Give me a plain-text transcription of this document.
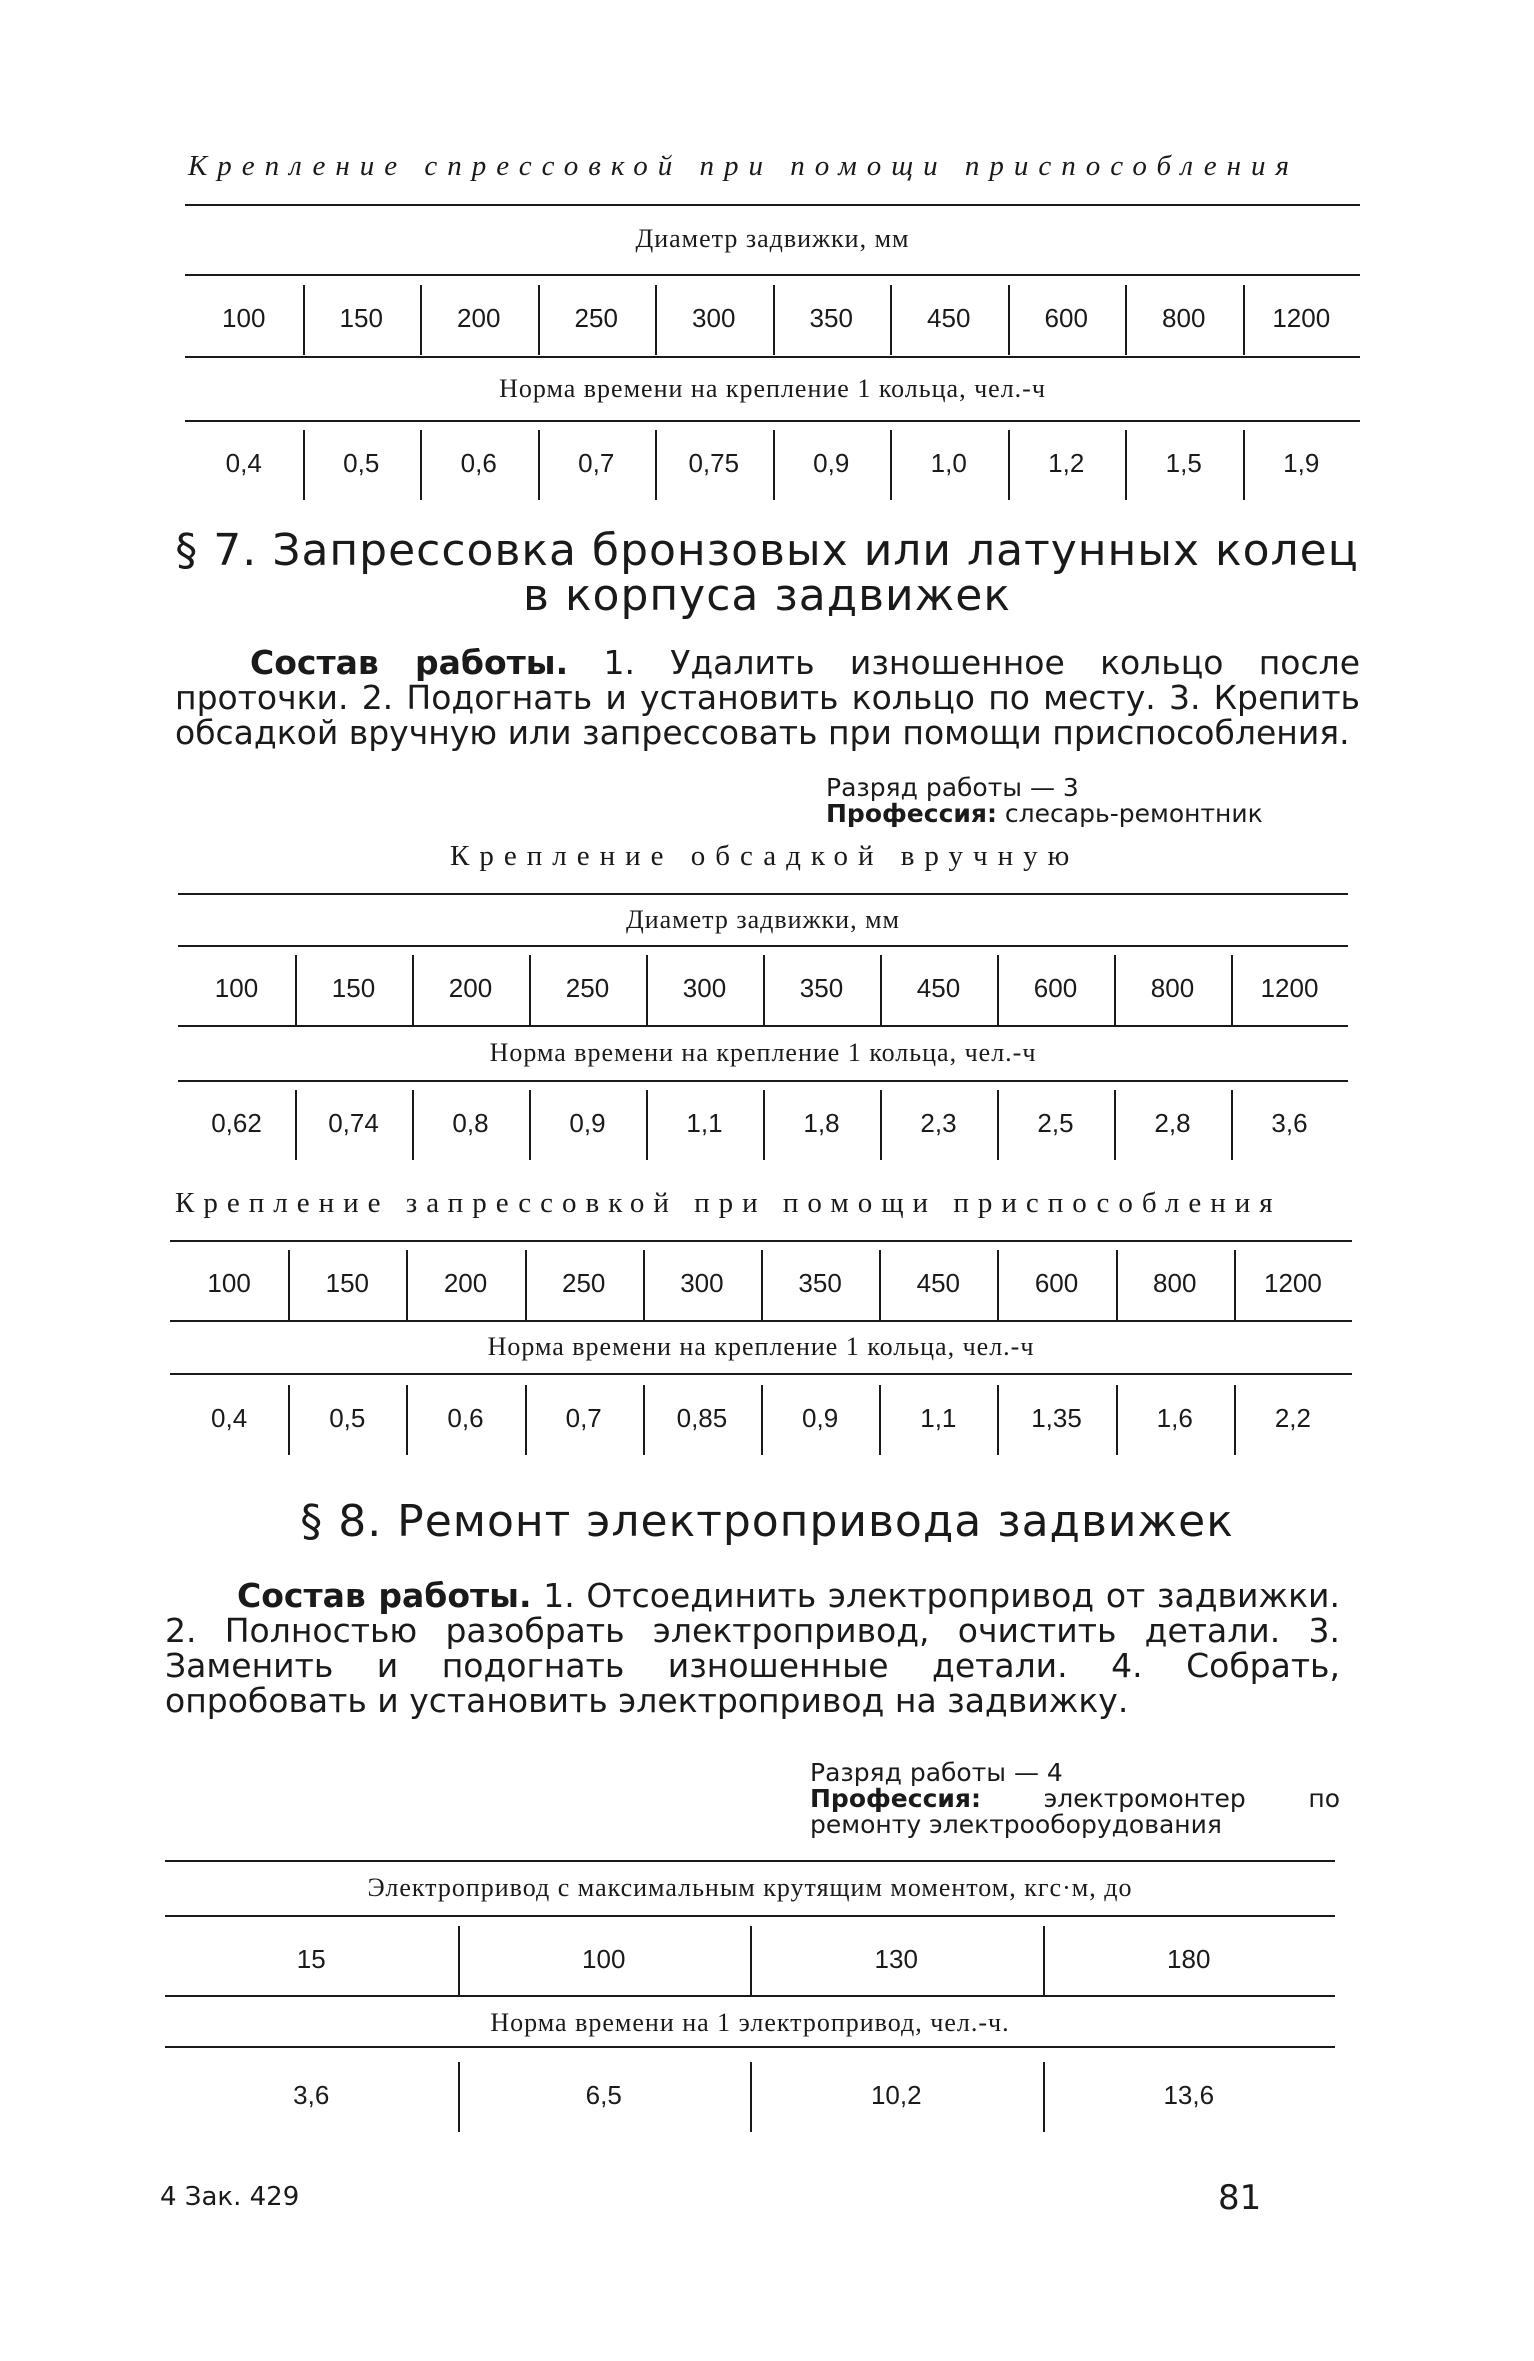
Крепление спрессовкой при помощи приспособления
Диаметр задвижки, мм
100	150	200	250	300	350	450	600	800	1200
Норма времени на крепление 1 кольца, чел.-ч
0,4	0,5	0,6	0,7	0,75	0,9	1,0	1,2	1,5	1,9
§ 7. Запрессовка бронзовых или латунных колец
в корпуса задвижек
Состав работы. 1. Удалить изношенное кольцо после проточки. 2. Подогнать и установить кольцо по месту. 3. Крепить обсадкой вручную или запрессовать при помощи приспособления.
Разряд работы — 3
Профессия: слесарь-ремонтник
Крепление обсадкой вручную
Диаметр задвижки, мм
100	150	200	250	300	350	450	600	800	1200
Норма времени на крепление 1 кольца, чел.-ч
0,62	0,74	0,8	0,9	1,1	1,8	2,3	2,5	2,8	3,6
Крепление запрессовкой при помощи приспособления
100	150	200	250	300	350	450	600	800	1200
Норма времени на крепление 1 кольца, чел.-ч
0,4	0,5	0,6	0,7	0,85	0,9	1,1	1,35	1,6	2,2
§ 8. Ремонт электропривода задвижек
Состав работы. 1. Отсоединить электропривод от задвижки. 2. Полностью разобрать электропривод, очистить детали. 3. Заменить и подогнать изношенные детали. 4. Собрать, опробовать и установить электропривод на задвижку.
Разряд работы — 4
Профессия:	электромонтер по ремонту электрооборудования
Электропривод с максимальным крутящим моментом, кгс·м, до
15	100	130	180
Норма времени на 1 электропривод, чел.-ч.
3,6	6,5	10,2	13,6
4 Зак. 429	81
